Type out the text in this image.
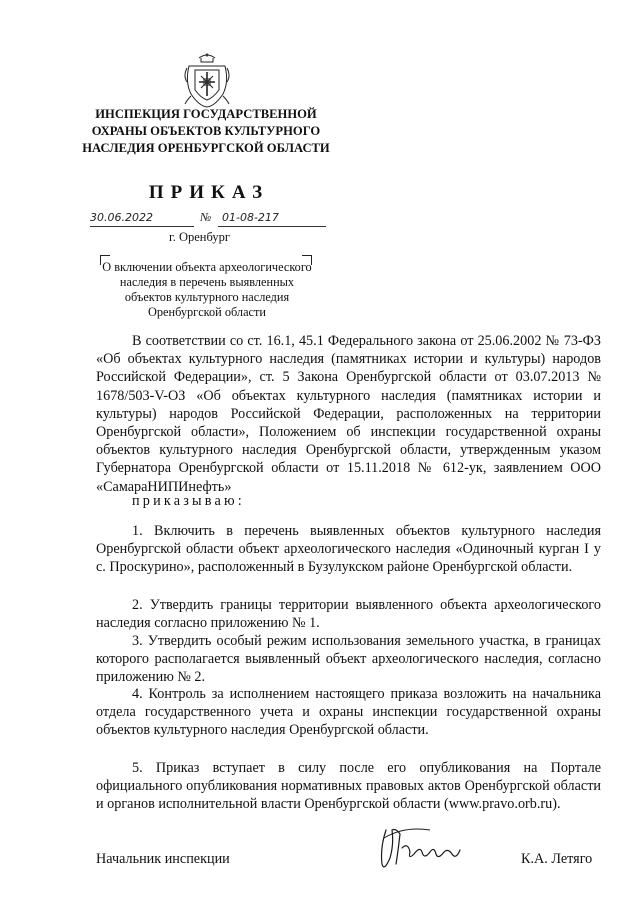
ИНСПЕКЦИЯ ГОСУДАРСТВЕННОЙ ОХРАНЫ ОБЪЕКТОВ КУЛЬТУРНОГО НАСЛЕДИЯ ОРЕНБУРГСКОЙ ОБЛАСТИ
ПРИКАЗ
30.06.2022	№ 01-08-217
г. Оренбург
О включении объекта археологического наследия в перечень выявленных объектов культурного наследия Оренбургской области
В соответствии со ст. 16.1, 45.1 Федерального закона от 25.06.2002 № 73-ФЗ «Об объектах культурного наследия (памятниках истории и культуры) народов Российской Федерации», ст. 5 Закона Оренбургской области от 03.07.2013 № 1678/503-V-ОЗ «Об объектах культурного наследия (памятниках истории и культуры) народов Российской Федерации, расположенных на территории Оренбургской области», Положением об инспекции государственной охраны объектов культурного наследия Оренбургской области, утвержденным указом Губернатора Оренбургской области от 15.11.2018 № 612-ук, заявлением ООО «СамараНИПИнефть»
приказываю:
1. Включить в перечень выявленных объектов культурного наследия Оренбургской области объект археологического наследия «Одиночный курган I у с. Проскурино», расположенный в Бузулукском районе Оренбургской области.
2. Утвердить границы территории выявленного объекта археологического наследия согласно приложению № 1.
3. Утвердить особый режим использования земельного участка, в границах которого располагается выявленный объект археологического наследия, согласно приложению № 2.
4. Контроль за исполнением настоящего приказа возложить на начальника отдела государственного учета и охраны инспекции государственной охраны объектов культурного наследия Оренбургской области.
5. Приказ вступает в силу после его опубликования на Портале официального опубликования нормативных правовых актов Оренбургской области и органов исполнительной власти Оренбургской области (www.pravo.orb.ru).
Начальник инспекции	К.А. Летяго
